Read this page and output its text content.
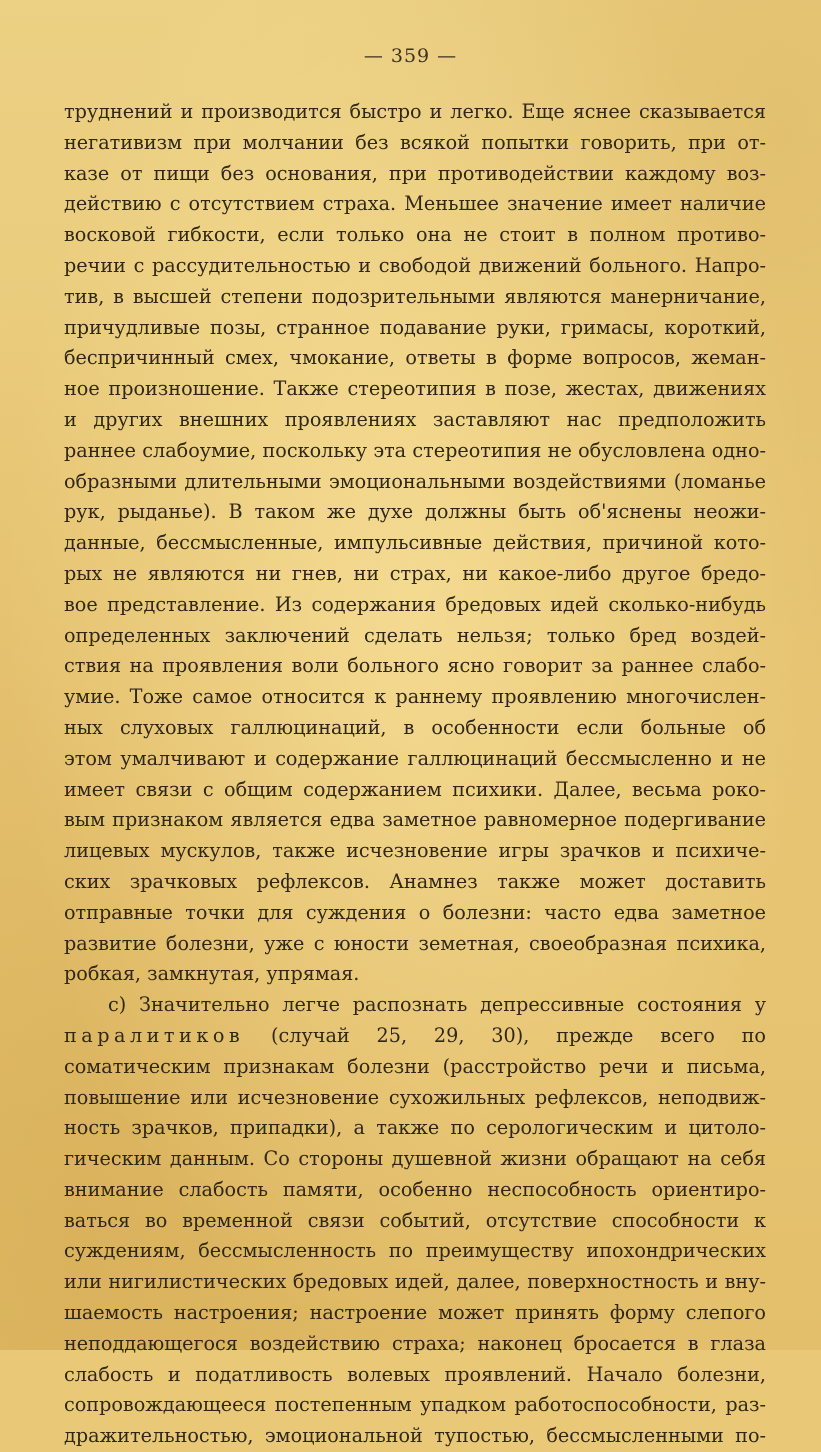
— 359 —
труднений и производится быстро и легко. Еще яснее сказывается
негативизм при молчании без всякой попытки говорить, при от-
казе от пищи без основания, при противодействии каждому воз-
действию с отсутствием страха. Меньшее значение имеет наличие
восковой гибкости, если только она не стоит в полном противо-
речии с рассудительностью и свободой движений больного. Напро-
тив, в высшей степени подозрительными являются манерничание,
причудливые позы, странное подавание руки, гримасы, короткий,
беспричинный смех, чмокание, ответы в форме вопросов, жеман-
ное произношение. Также стереотипия в позе, жестах, движениях
и других внешних проявлениях заставляют нас предположить
раннее слабоумие, поскольку эта стереотипия не обусловлена одно-
образными длительными эмоциональными воздействиями (ломанье
рук, рыданье). В таком же духе должны быть об'яснены неожи-
данные, бессмысленные, импульсивные действия, причиной кото-
рых не являются ни гнев, ни страх, ни какое-либо другое бредо-
вое представление. Из содержания бредовых идей сколько-нибудь
определенных заключений сделать нельзя; только бред воздей-
ствия на проявления воли больного ясно говорит за раннее слабо-
умие. Тоже самое относится к раннему проявлению многочислен-
ных слуховых галлюцинаций, в особенности если больные об
этом умалчивают и содержание галлюцинаций бессмысленно и не
имеет связи с общим содержанием психики. Далее, весьма роко-
вым признаком является едва заметное равномерное подергивание
лицевых мускулов, также исчезновение игры зрачков и психиче-
ских зрачковых рефлексов. Анамнез также может доставить
отправные точки для суждения о болезни: часто едва заметное
развитие болезни, уже с юности земетная, своеобразная психика,
робкая, замкнутая, упрямая.
с) Значительно легче распознать депрессивные состояния у
паралитиков (случай 25, 29, 30), прежде всего по
соматическим признакам болезни (расстройство речи и письма,
повышение или исчезновение сухожильных рефлексов, неподвиж-
ность зрачков, припадки), а также по серологическим и цитоло-
гическим данным. Со стороны душевной жизни обращают на себя
внимание слабость памяти, особенно неспособность ориентиро-
ваться во временной связи событий, отсутствие способности к
суждениям, бессмысленность по преимуществу ипохондрических
или нигилистических бредовых идей, далее, поверхностность и вну-
шаемость настроения; настроение может принять форму слепого
неподдающегося воздействию страха; наконец бросается в глаза
слабость и податливость волевых проявлений. Начало болезни,
сопровождающееся постепенным упадком работоспособности, раз-
дражительностью, эмоциональной тупостью, бессмысленными по-
